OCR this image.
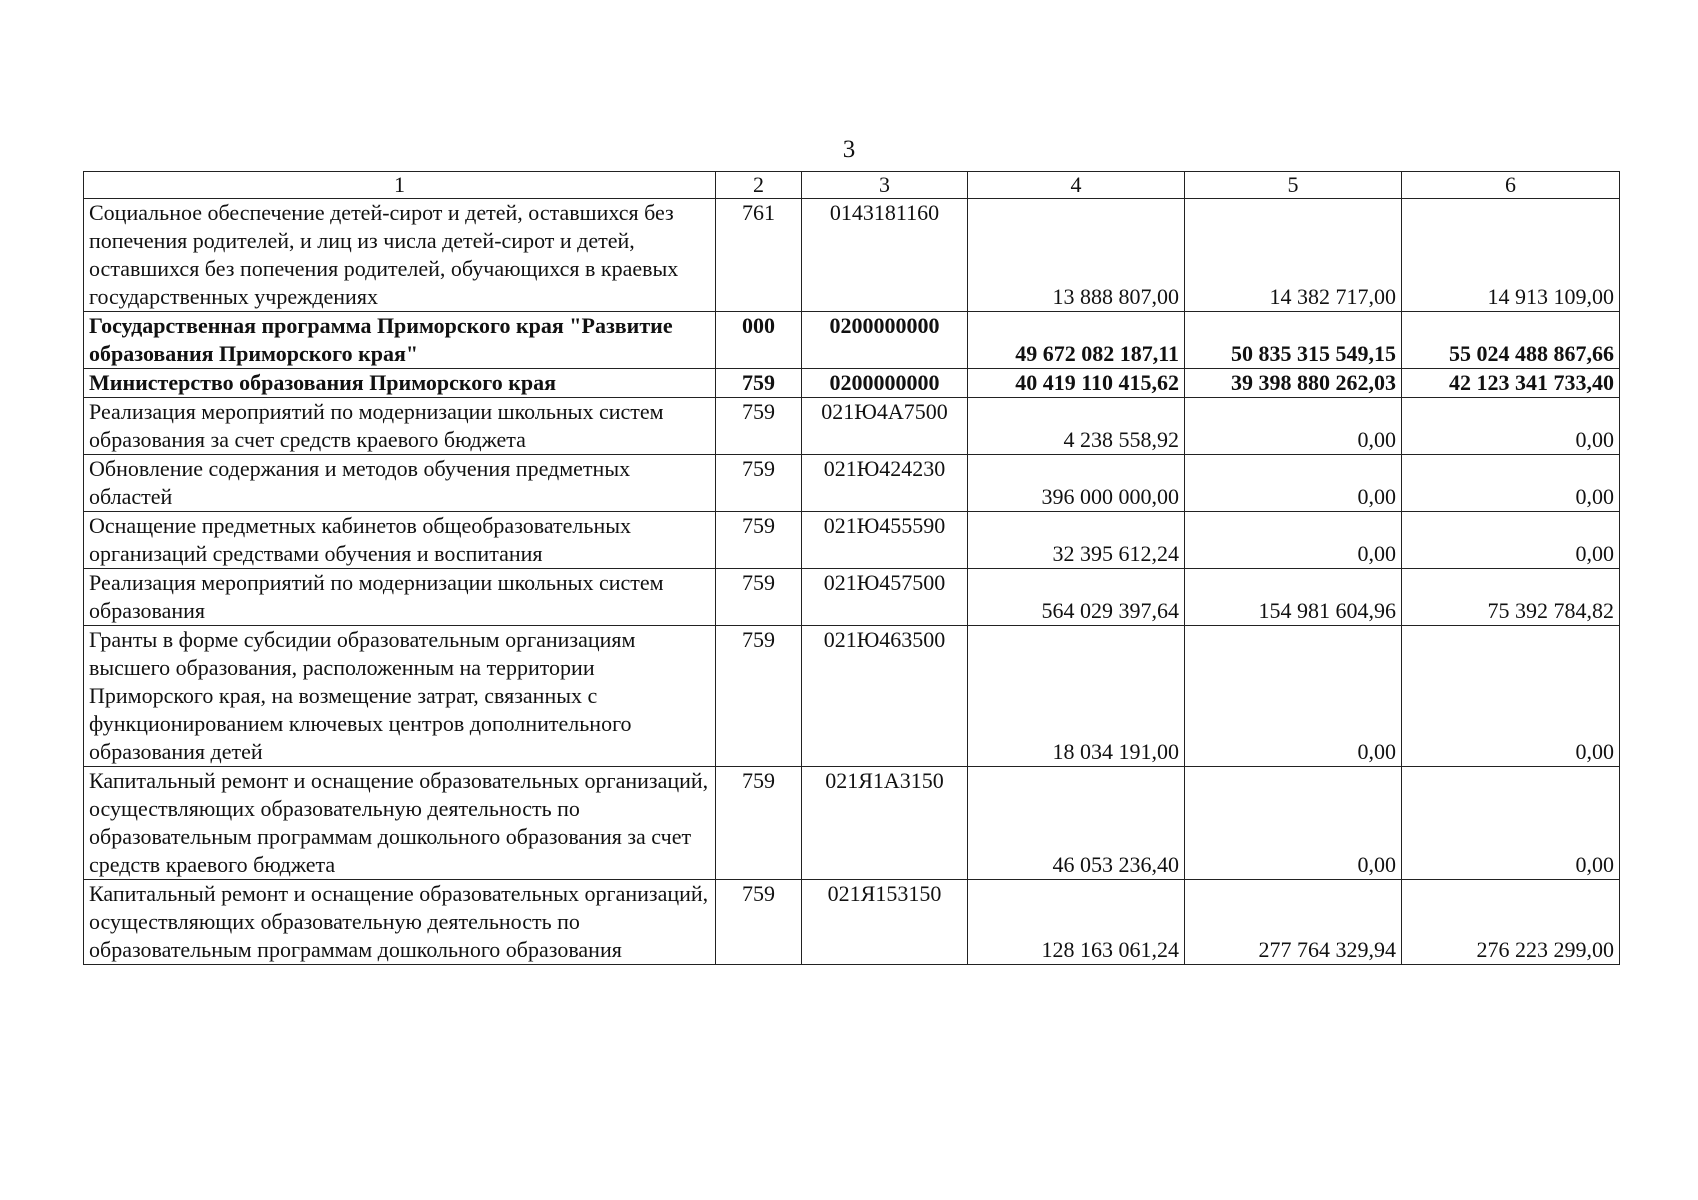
3
1	2	3	4	5	6
Социальное обеспечение детей-сирот и детей, оставшихся без попечения родителей, и лиц из числа детей-сирот и детей, оставшихся без попечения родителей, обучающихся в краевых государственных учреждениях	761	0143181160	13 888 807,00	14 382 717,00	14 913 109,00
Государственная программа Приморского края "Развитие образования Приморского края"	000	0200000000	49 672 082 187,11	50 835 315 549,15	55 024 488 867,66
Министерство образования Приморского края	759	0200000000	40 419 110 415,62	39 398 880 262,03	42 123 341 733,40
Реализация мероприятий по модернизации школьных систем образования за счет средств краевого бюджета	759	021Ю4А7500	4 238 558,92	0,00	0,00
Обновление содержания и методов обучения предметных областей	759	021Ю424230	396 000 000,00	0,00	0,00
Оснащение предметных кабинетов общеобразовательных организаций средствами обучения и воспитания	759	021Ю455590	32 395 612,24	0,00	0,00
Реализация мероприятий по модернизации школьных систем образования	759	021Ю457500	564 029 397,64	154 981 604,96	75 392 784,82
Гранты в форме субсидии образовательным организациям высшего образования, расположенным на территории Приморского края, на возмещение затрат, связанных с функционированием ключевых центров дополнительного образования детей	759	021Ю463500	18 034 191,00	0,00	0,00
Капитальный ремонт и оснащение образовательных организаций, осуществляющих образовательную деятельность по образовательным программам дошкольного образования за счет средств краевого бюджета	759	021Я1А3150	46 053 236,40	0,00	0,00
Капитальный ремонт и оснащение образовательных организаций, осуществляющих образовательную деятельность по образовательным программам дошкольного образования	759	021Я153150	128 163 061,24	277 764 329,94	276 223 299,00
